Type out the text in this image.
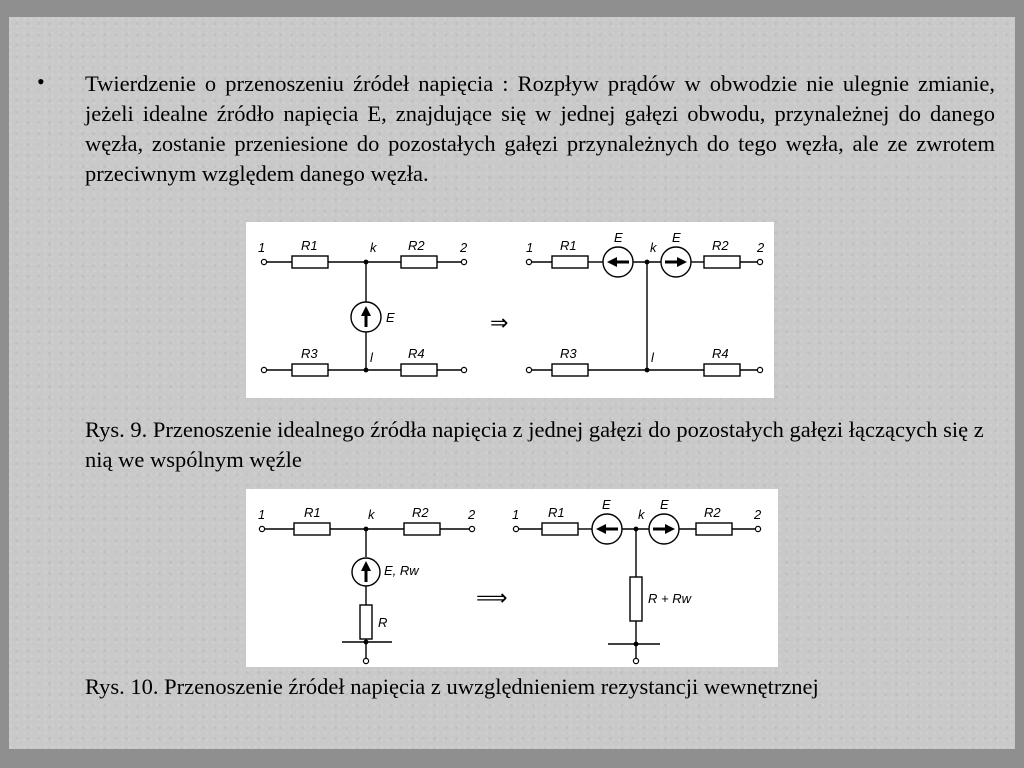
• Twierdzenie o przenoszeniu źródeł napięcia : Rozpływ prądów w obwodzie nie ulegnie zmianie, jeżeli idealne źródło napięcia E, znajdujące się w jednej gałęzi obwodu, przynależnej do danego węzła, zostanie przeniesione do pozostałych gałęzi przynależnych do tego węzła, ale ze zwrotem przeciwnym względem danego węzła.
1	R1	k R2	2
E
R3	l	R4
⇒
1 R1
E
k
E
R2 2
R3	l	R4
Rys. 9. Przenoszenie idealnego źródła napięcia z jednej gałęzi do pozostałych gałęzi łączących się z nią we wspólnym węźle
1	R1	k	R2	2
E, Rw
R
⟹
1 R1
E
k
E
R2	2
R + Rw
Rys. 10. Przenoszenie źródeł napięcia z uwzględnieniem rezystancji wewnętrznej
